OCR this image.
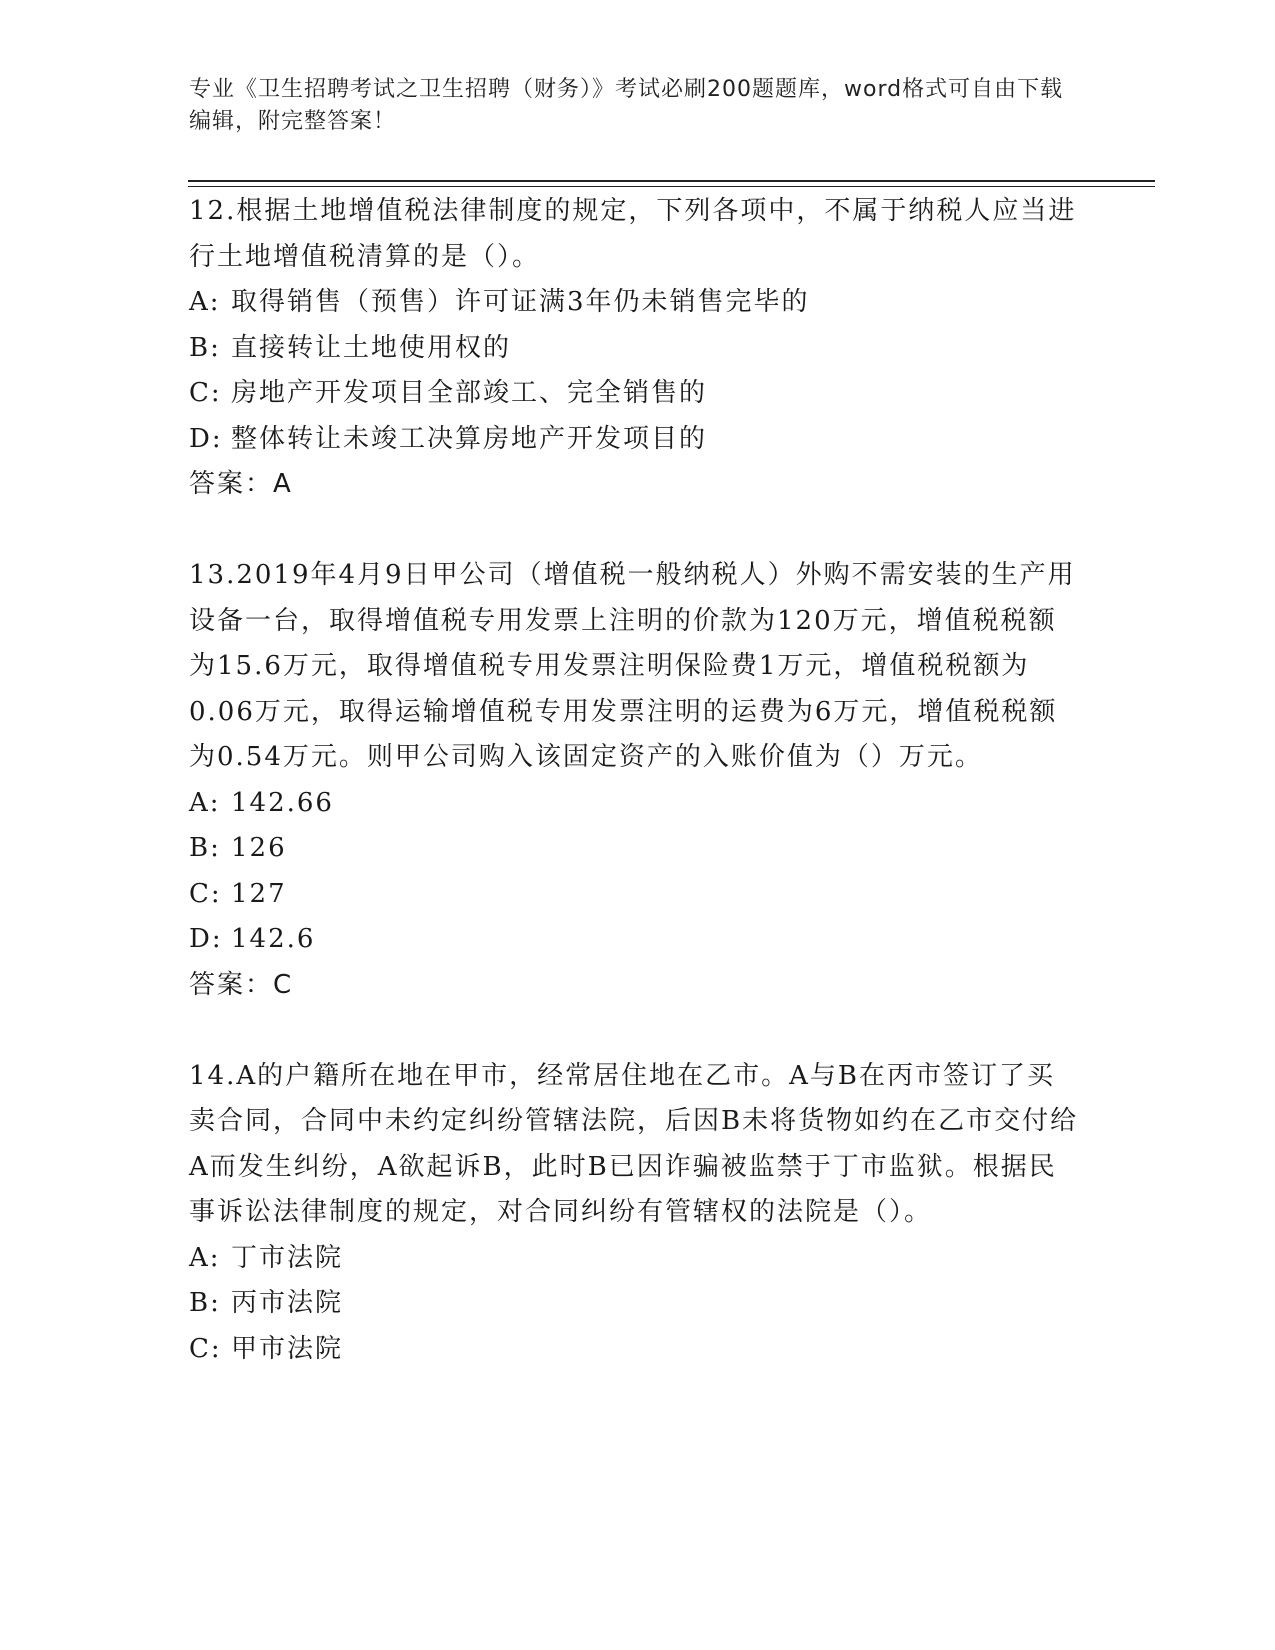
专业《卫生招聘考试之卫生招聘（财务）》考试必刷200题题库，word格式可自由下载编辑，附完整答案！
12.根据土地增值税法律制度的规定，下列各项中，不属于纳税人应当进行土地增值税清算的是（）。
A: 取得销售（预售）许可证满3年仍未销售完毕的
B: 直接转让土地使用权的
C: 房地产开发项目全部竣工、完全销售的
D: 整体转让未竣工决算房地产开发项目的
答案：A
13.2019年4月9日甲公司（增值税一般纳税人）外购不需安装的生产用设备一台，取得增值税专用发票上注明的价款为120万元，增值税税额为15.6万元，取得增值税专用发票注明保险费1万元，增值税税额为0.06万元，取得运输增值税专用发票注明的运费为6万元，增值税税额为0.54万元。则甲公司购入该固定资产的入账价值为（）万元。
A: 142.66
B: 126
C: 127
D: 142.6
答案：C
14.A的户籍所在地在甲市，经常居住地在乙市。A与B在丙市签订了买卖合同，合同中未约定纠纷管辖法院，后因B未将货物如约在乙市交付给A而发生纠纷，A欲起诉B，此时B已因诈骗被监禁于丁市监狱。根据民事诉讼法律制度的规定，对合同纠纷有管辖权的法院是（）。
A: 丁市法院
B: 丙市法院
C: 甲市法院
